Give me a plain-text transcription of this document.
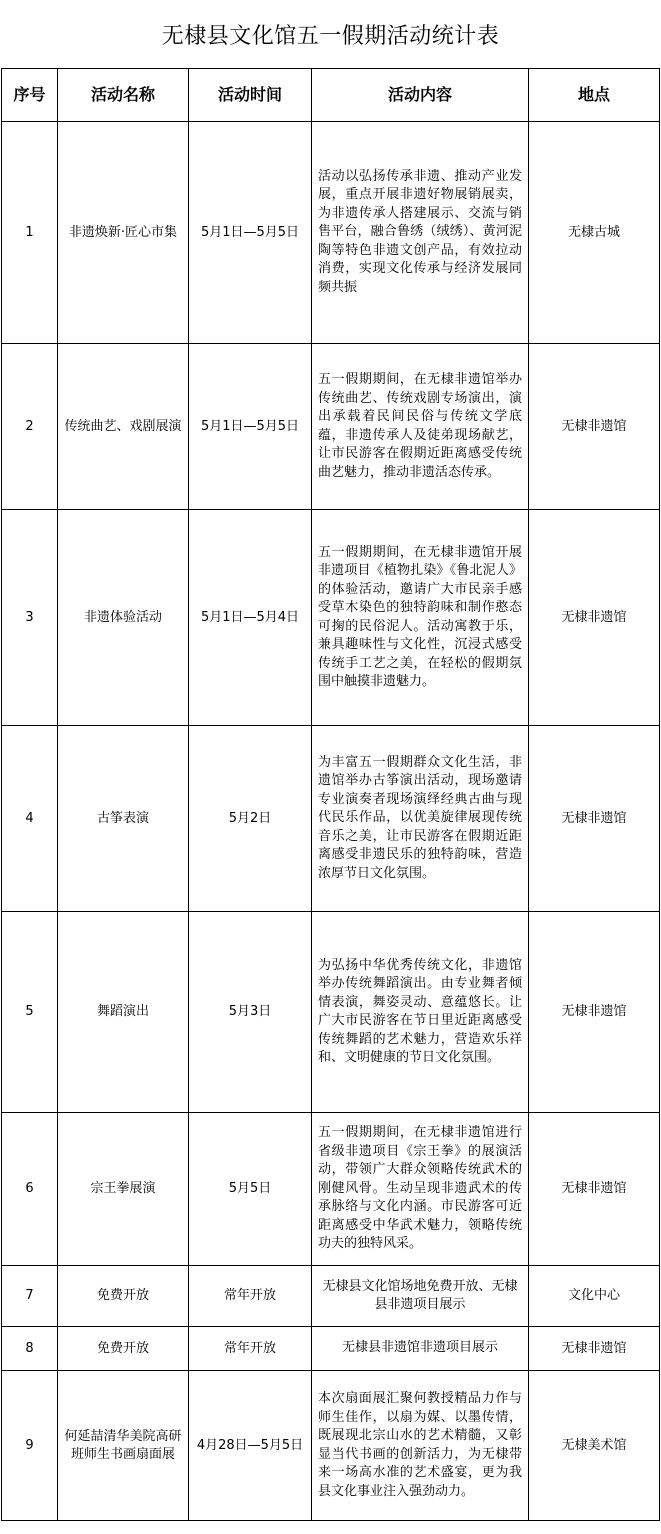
无棣县文化馆五一假期活动统计表
序号	活动名称	活动时间	活动内容	地点
1	非遗焕新·匠心市集	5月1日—5月5日	活动以弘扬传承非遗、推动产业发展，重点开展非遗好物展销展卖，为非遗传承人搭建展示、交流与销售平台，融合鲁绣（绒绣）、黄河泥陶等特色非遗文创产品，有效拉动消费，实现文化传承与经济发展同频共振	无棣古城
2	传统曲艺、戏剧展演	5月1日—5月5日	五一假期期间，在无棣非遗馆举办传统曲艺、传统戏剧专场演出，演出承载着民间民俗与传统文学底蕴，非遗传承人及徒弟现场献艺，让市民游客在假期近距离感受传统曲艺魅力，推动非遗活态传承。	无棣非遗馆
3	非遗体验活动	5月1日—5月4日	五一假期期间，在无棣非遗馆开展非遗项目《植物扎染》《鲁北泥人》的体验活动，邀请广大市民亲手感受草木染色的独特韵味和制作憨态可掬的民俗泥人。活动寓教于乐，兼具趣味性与文化性，沉浸式感受传统手工艺之美，在轻松的假期氛围中触摸非遗魅力。	无棣非遗馆
4	古筝表演	5月2日	为丰富五一假期群众文化生活，非遗馆举办古筝演出活动，现场邀请专业演奏者现场演绎经典古曲与现代民乐作品，以优美旋律展现传统音乐之美，让市民游客在假期近距离感受非遗民乐的独特韵味，营造浓厚节日文化氛围。	无棣非遗馆
5	舞蹈演出	5月3日	为弘扬中华优秀传统文化，非遗馆举办传统舞蹈演出。由专业舞者倾情表演，舞姿灵动、意蕴悠长。让广大市民游客在节日里近距离感受传统舞蹈的艺术魅力，营造欢乐祥和、文明健康的节日文化氛围。	无棣非遗馆
6	宗王拳展演	5月5日	五一假期期间，在无棣非遗馆进行省级非遗项目《宗王拳》的展演活动，带领广大群众领略传统武术的刚健风骨。生动呈现非遗武术的传承脉络与文化内涵。市民游客可近距离感受中华武术魅力，领略传统功夫的独特风采。	无棣非遗馆
7	免费开放	常年开放	无棣县文化馆场地免费开放、无棣县非遗项目展示	文化中心
8	免费开放	常年开放	无棣县非遗馆非遗项目展示	无棣非遗馆
9	何延喆清华美院高研班师生书画扇面展	4月28日—5月5日	本次扇面展汇聚何教授精品力作与师生佳作，以扇为媒、以墨传情，既展现北宗山水的艺术精髓，又彰显当代书画的创新活力，为无棣带来一场高水准的艺术盛宴，更为我县文化事业注入强劲动力。	无棣美术馆
